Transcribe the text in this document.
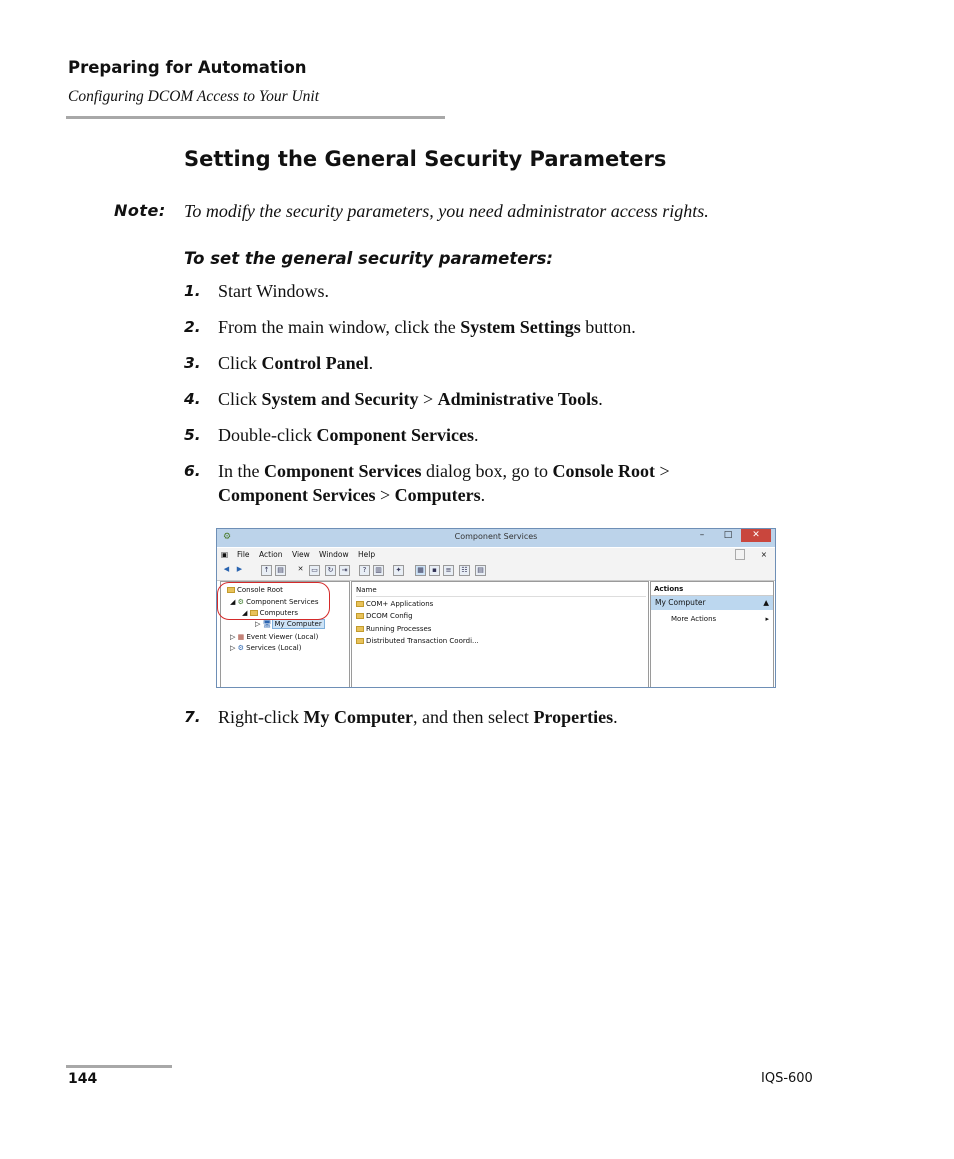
Preparing for Automation
Configuring DCOM Access to Your Unit
Setting the General Security Parameters
Note: To modify the security parameters, you need administrator access rights.
To set the general security parameters:
1. Start Windows.
2. From the main window, click the System Settings button.
3. Click Control Panel.
4. Click System and Security > Administrative Tools.
5. Double-click Component Services.
6. In the Component Services dialog box, go to Console Root > Component Services > Computers.
⚙	Component Services	–	□	✕
▣ File Action View Window Help	×
◀	▶	↑	▤	✕	▭	↻	⇥	?	▥	✦	▦	▪	≡	☷	▤
Console Root
◢ ⚙ Component Services
◢ Computers
▷ 🖥 My Computer
▷ ▦ Event Viewer (Local)
▷ ⚙ Services (Local)
Name
COM+ Applications
DCOM Config
Running Processes
Distributed Transaction Coordi...
Actions
My Computer	▲
More Actions	▸
7. Right-click My Computer, and then select Properties.
144	IQS-600
